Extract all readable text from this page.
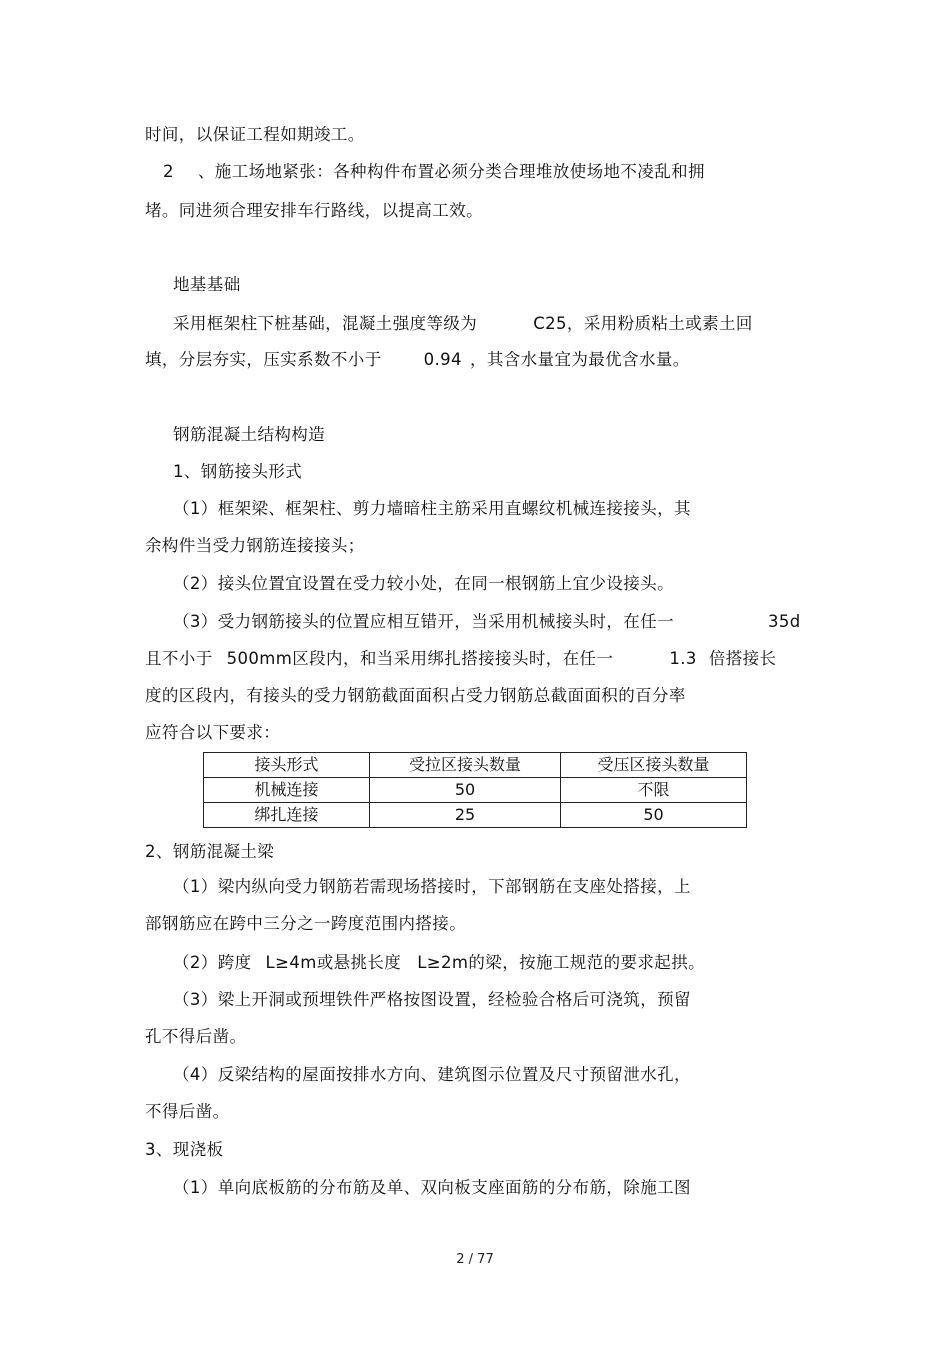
时间，以保证工程如期竣工。
2 、施工场地紧张：各种构件布置必须分类合理堆放使场地不凌乱和拥
堵。同进须合理安排车行路线，以提高工效。
地基基础
采用框架柱下桩基础，混凝土强度等级为	C25，采用粉质粘土或素土回
填，分层夯实，压实系数不小于	0.94 ，其含水量宜为最优含水量。
钢筋混凝土结构构造
1、钢筋接头形式
（1）框架梁、框架柱、剪力墙暗柱主筋采用直螺纹机械连接接头，其
余构件当受力钢筋连接接头；
（2）接头位置宜设置在受力较小处，在同一根钢筋上宜少设接头。
（3）受力钢筋接头的位置应相互错开，当采用机械接头时，在任一	35d
且不小于 500mm区段内，和当采用绑扎搭接接头时，在任一	1.3 倍搭接长
度的区段内，有接头的受力钢筋截面面积占受力钢筋总截面面积的百分率
应符合以下要求：
接头形式	受拉区接头数量	受压区接头数量
机械连接	50	不限
绑扎连接	25	50
2、钢筋混凝土梁
（1）梁内纵向受力钢筋若需现场搭接时，下部钢筋在支座处搭接，上
部钢筋应在跨中三分之一跨度范围内搭接。
（2）跨度 L≥4m或悬挑长度 L≥2m的梁，按施工规范的要求起拱。
（3）梁上开洞或预埋铁件严格按图设置，经检验合格后可浇筑，预留
孔不得后凿。
（4）反梁结构的屋面按排水方向、建筑图示位置及尺寸预留泄水孔，
不得后凿。
3、现浇板
（1）单向底板筋的分布筋及单、双向板支座面筋的分布筋，除施工图
2 / 77
